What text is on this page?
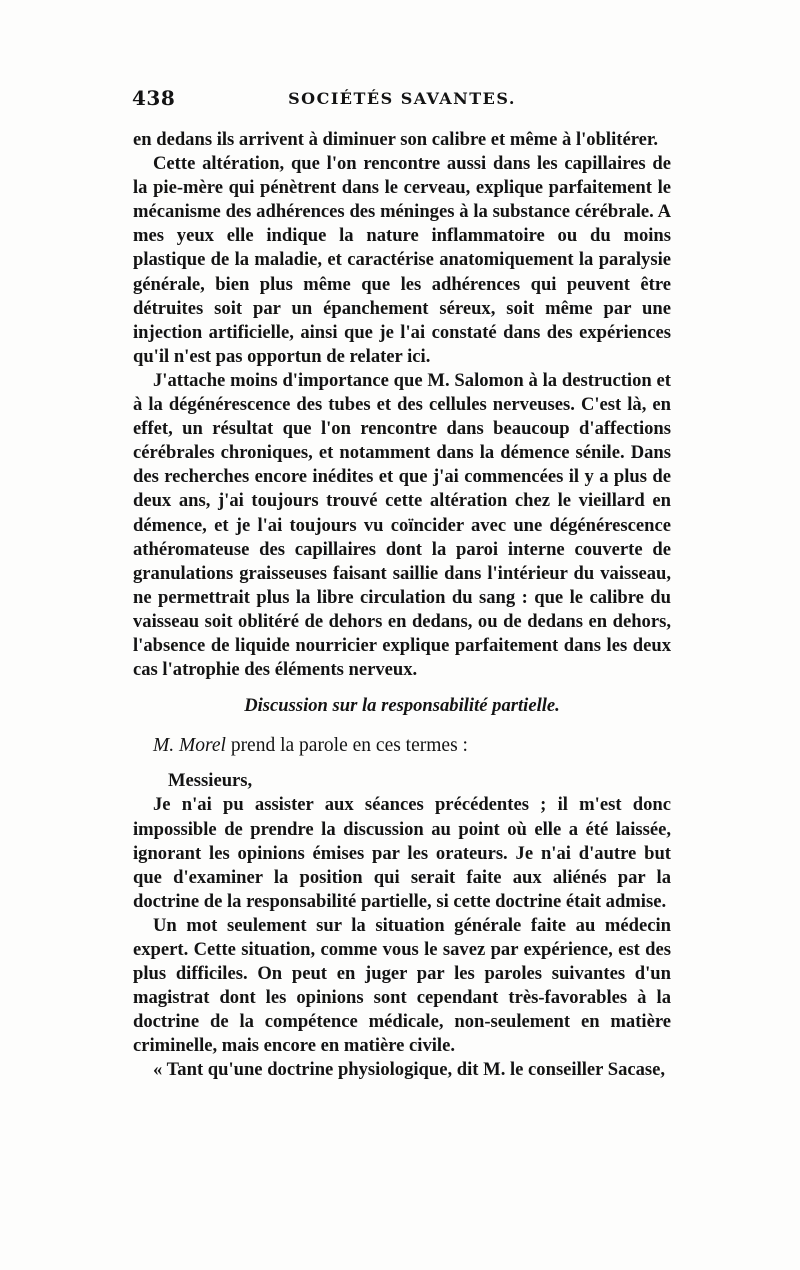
438	SOCIÉTÉS SAVANTES.

en dedans ils arrivent à diminuer son calibre et même à l'oblitérer.

Cette altération, que l'on rencontre aussi dans les capillaires de la pie-mère qui pénètrent dans le cerveau, explique parfaitement le mécanisme des adhérences des méninges à la substance cérébrale. A mes yeux elle indique la nature inflammatoire ou du moins plastique de la maladie, et caractérise anatomiquement la paralysie générale, bien plus même que les adhérences qui peuvent être détruites soit par un épanchement séreux, soit même par une injection artificielle, ainsi que je l'ai constaté dans des expériences qu'il n'est pas opportun de relater ici.

J'attache moins d'importance que M. Salomon à la destruction et à la dégénérescence des tubes et des cellules nerveuses. C'est là, en effet, un résultat que l'on rencontre dans beaucoup d'affections cérébrales chroniques, et notamment dans la démence sénile. Dans des recherches encore inédites et que j'ai commencées il y a plus de deux ans, j'ai toujours trouvé cette altération chez le vieillard en démence, et je l'ai toujours vu coïncider avec une dégénérescence athéromateuse des capillaires dont la paroi interne couverte de granulations graisseuses faisant saillie dans l'intérieur du vaisseau, ne permettrait plus la libre circulation du sang : que le calibre du vaisseau soit oblitéré de dehors en dedans, ou de dedans en dehors, l'absence de liquide nourricier explique parfaitement dans les deux cas l'atrophie des éléments nerveux.

Discussion sur la responsabilité partielle.

M. Morel prend la parole en ces termes :

Messieurs,

Je n'ai pu assister aux séances précédentes ; il m'est donc impossible de prendre la discussion au point où elle a été laissée, ignorant les opinions émises par les orateurs. Je n'ai d'autre but que d'examiner la position qui serait faite aux aliénés par la doctrine de la responsabilité partielle, si cette doctrine était admise.

Un mot seulement sur la situation générale faite au médecin expert. Cette situation, comme vous le savez par expérience, est des plus difficiles. On peut en juger par les paroles suivantes d'un magistrat dont les opinions sont cependant très-favorables à la doctrine de la compétence médicale, non-seulement en matière criminelle, mais encore en matière civile.

« Tant qu'une doctrine physiologique, dit M. le conseiller Sacase,
